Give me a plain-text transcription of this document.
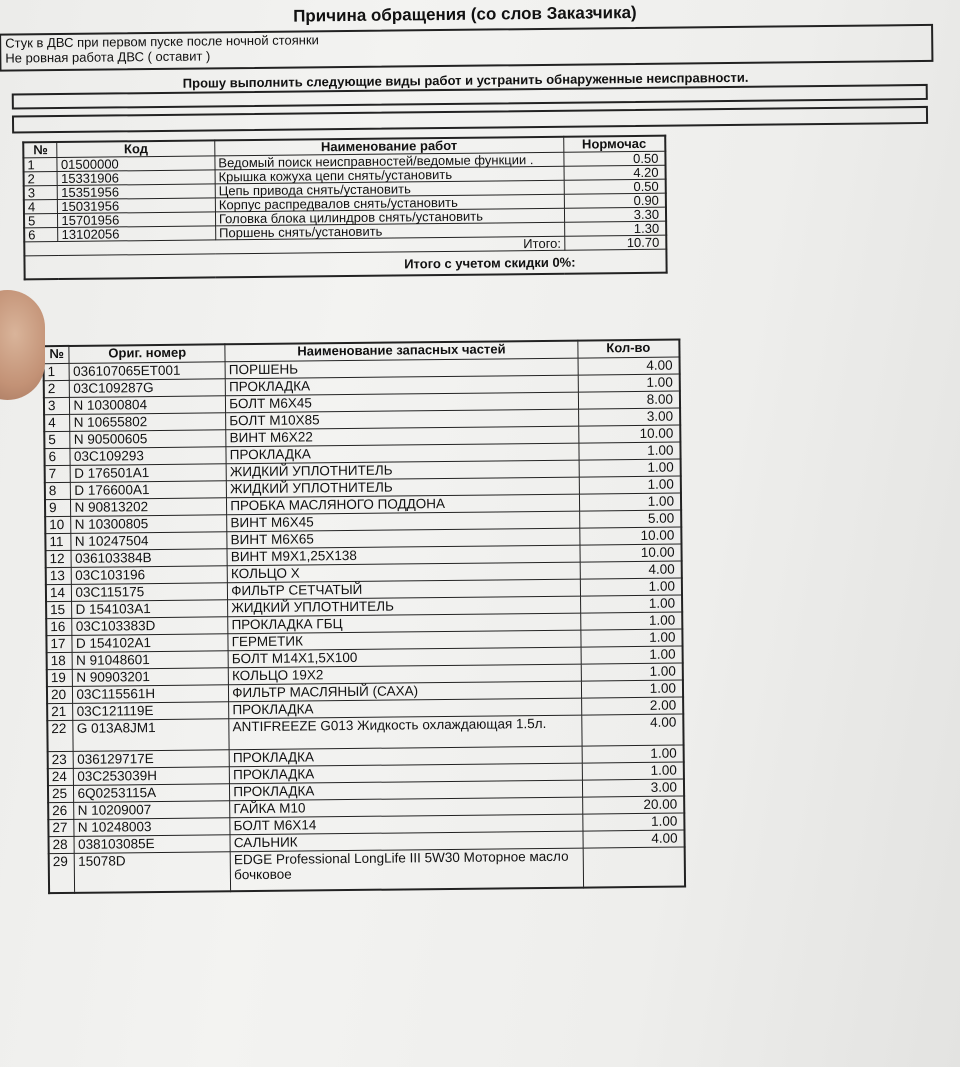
Причина обращения (со слов Заказчика)
Стук в ДВС при первом пуске после ночной стоянки
Не ровная работа ДВС ( оставит )
Прошу выполнить следующие виды работ и устранить обнаруженные неисправности.
№	Код	Наименование работ	Нормочас
1	01500000	Ведомый поиск неисправностей/ведомые функции .	0.50
2	15331906	Крышка кожуха цепи снять/установить	4.20
3	15351956	Цепь привода снять/установить	0.50
4	15031956	Корпус распредвалов снять/установить	0.90
5	15701956	Головка блока цилиндров снять/установить	3.30
6	13102056	Поршень снять/установить	1.30
Итого:			10.70
Итого с учетом скидки 0%:			
№	Ориг. номер	Наименование запасных частей	Кол-во
1	036107065ET001	ПОРШЕНЬ	4.00
2	03C109287G	ПРОКЛАДКА	1.00
3	N 10300804	БОЛТ М6Х45	8.00
4	N 10655802	БОЛТ М10Х85	3.00
5	N 90500605	ВИНТ М6Х22	10.00
6	03C109293	ПРОКЛАДКА	1.00
7	D 176501A1	ЖИДКИЙ УПЛОТНИТЕЛЬ	1.00
8	D 176600A1	ЖИДКИЙ УПЛОТНИТЕЛЬ	1.00
9	N 90813202	ПРОБКА МАСЛЯНОГО ПОДДОНА	1.00
10	N 10300805	ВИНТ М6Х45	5.00
11	N 10247504	ВИНТ М6Х65	10.00
12	036103384B	ВИНТ М9Х1,25Х138	10.00
13	03C103196	КОЛЬЦО Х	4.00
14	03C115175	ФИЛЬТР СЕТЧАТЫЙ	1.00
15	D 154103A1	ЖИДКИЙ УПЛОТНИТЕЛЬ	1.00
16	03C103383D	ПРОКЛАДКА ГБЦ	1.00
17	D 154102A1	ГЕРМЕТИК	1.00
18	N 91048601	БОЛТ М14Х1,5Х100	1.00
19	N 90903201	КОЛЬЦО 19Х2	1.00
20	03C115561H	ФИЛЬТР МАСЛЯНЫЙ (САХА)	1.00
21	03C121119E	ПРОКЛАДКА	2.00
22	G 013A8JM1	ANTIFREEZE G013 Жидкость охлаждающая 1.5л.	4.00
23	036129717E	ПРОКЛАДКА	1.00
24	03C253039H	ПРОКЛАДКА	1.00
25	6Q0253115A	ПРОКЛАДКА	3.00
26	N 10209007	ГАЙКА М10	20.00
27	N 10248003	БОЛТ М6Х14	1.00
28	038103085E	САЛЬНИК	4.00
29	15078D	EDGE Professional LongLife III 5W30 Моторное масло бочковое	
